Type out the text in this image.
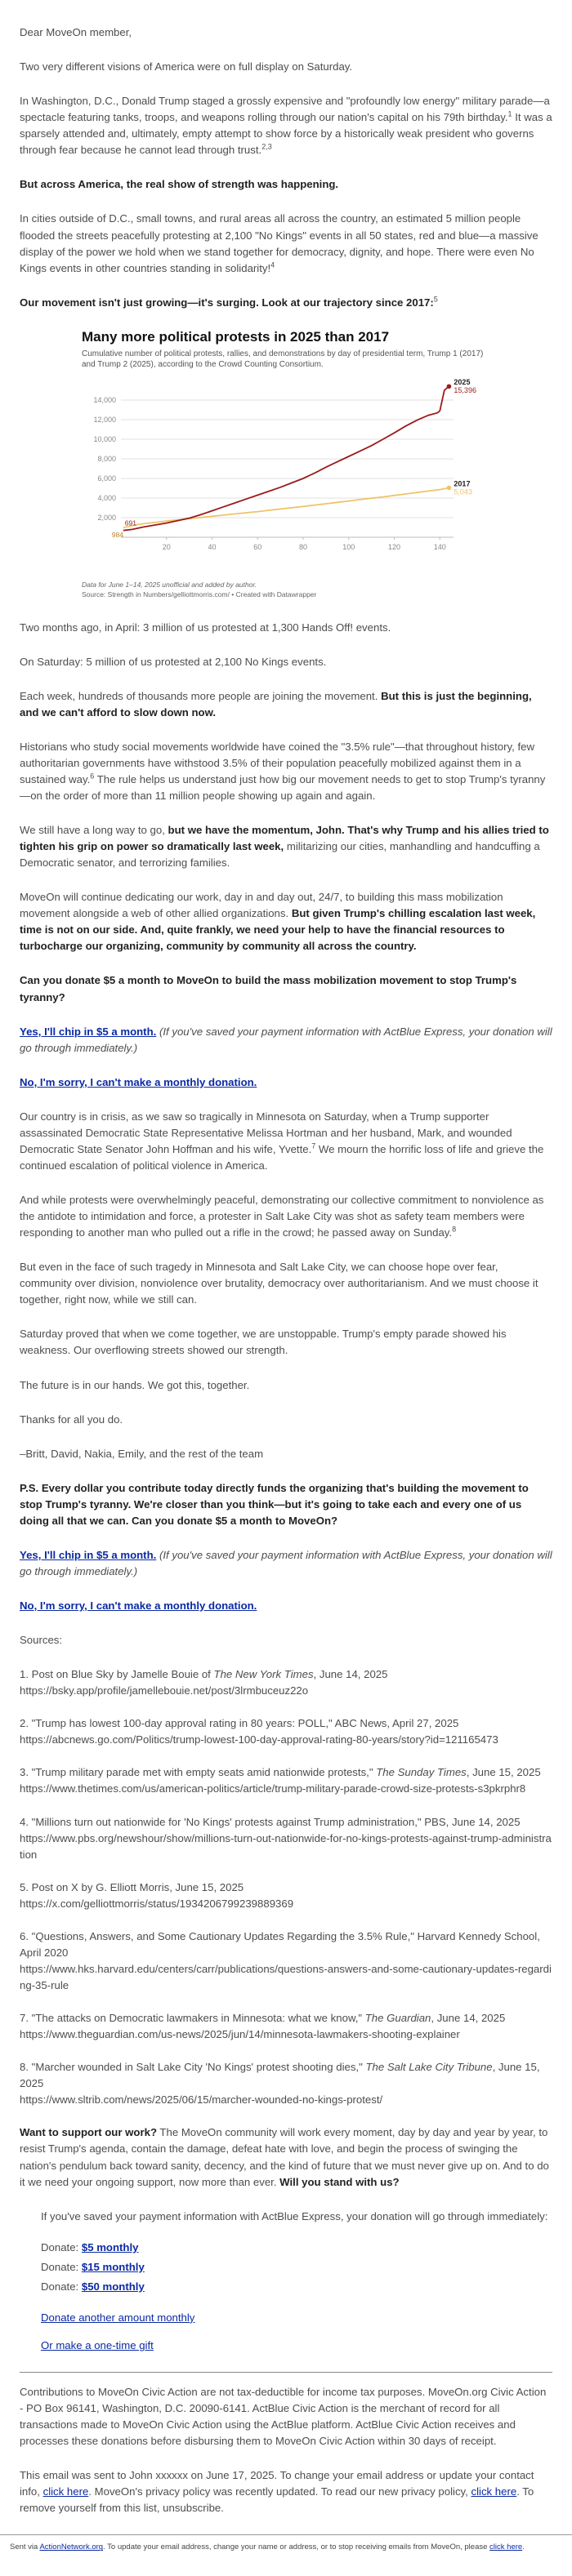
Dear MoveOn member,

Two very different visions of America were on full display on Saturday.

In Washington, D.C., Donald Trump staged a grossly expensive and "profoundly low energy" military parade—a spectacle featuring tanks, troops, and weapons rolling through our nation's capital on his 79th birthday.$^1$ It was a sparsely attended and, ultimately, empty attempt to show force by a historically weak president who governs through fear because he cannot lead through trust.$^{2,3}$

But across America, the real show of strength was happening.

In cities outside of D.C., small towns, and rural areas all across the country, an estimated 5 million people flooded the streets peacefully protesting at 2,100 "No Kings" events in all 50 states, red and blue—a massive display of the power we hold when we stand together for democracy, dignity, and hope. There were even No Kings events in other countries standing in solidarity!$^4$

Our movement isn't just growing—it's surging. Look at our trajectory since 2017:$^5$

Many more political protests in 2025 than 2017
Cumulative number of political protests, rallies, and demonstrations by day of presidential term, Trump 1 (2017) and Trump 2 (2025), according to the Crowd Counting Consortium.
2,000
4,000
6,000
8,000
10,000
12,000
14,000
20	40	60	80	100	120	140
2025
15,396
2017
5,043
691
984
Data for June 1–14, 2025 unofficial and added by author.
Source: Strength in Numbers/gelliottmorris.com/ • Created with Datawrapper

Two months ago, in April: 3 million of us protested at 1,300 Hands Off! events.

On Saturday: 5 million of us protested at 2,100 No Kings events.

Each week, hundreds of thousands more people are joining the movement. But this is just the beginning, and we can't afford to slow down now.

Historians who study social movements worldwide have coined the "3.5% rule"—that throughout history, few authoritarian governments have withstood 3.5% of their population peacefully mobilized against them in a sustained way.$^6$ The rule helps us understand just how big our movement needs to get to stop Trump's tyranny—on the order of more than 11 million people showing up again and again.

We still have a long way to go, but we have the momentum, John. That's why Trump and his allies tried to tighten his grip on power so dramatically last week, militarizing our cities, manhandling and handcuffing a Democratic senator, and terrorizing families.

MoveOn will continue dedicating our work, day in and day out, 24/7, to building this mass mobilization movement alongside a web of other allied organizations. But given Trump's chilling escalation last week, time is not on our side. And, quite frankly, we need your help to have the financial resources to turbocharge our organizing, community by community all across the country.

Can you donate $5 a month to MoveOn to build the mass mobilization movement to stop Trump's tyranny?

Yes, I'll chip in $5 a month. (If you've saved your payment information with ActBlue Express, your donation will go through immediately.)

No, I'm sorry, I can't make a monthly donation.

Our country is in crisis, as we saw so tragically in Minnesota on Saturday, when a Trump supporter assassinated Democratic State Representative Melissa Hortman and her husband, Mark, and wounded Democratic State Senator John Hoffman and his wife, Yvette.$^7$ We mourn the horrific loss of life and grieve the continued escalation of political violence in America.

And while protests were overwhelmingly peaceful, demonstrating our collective commitment to nonviolence as the antidote to intimidation and force, a protester in Salt Lake City was shot as safety team members were responding to another man who pulled out a rifle in the crowd; he passed away on Sunday.$^8$

But even in the face of such tragedy in Minnesota and Salt Lake City, we can choose hope over fear, community over division, nonviolence over brutality, democracy over authoritarianism. And we must choose it together, right now, while we still can.

Saturday proved that when we come together, we are unstoppable. Trump's empty parade showed his weakness. Our overflowing streets showed our strength.

The future is in our hands. We got this, together.

Thanks for all you do.

–Britt, David, Nakia, Emily, and the rest of the team

P.S. Every dollar you contribute today directly funds the organizing that's building the movement to stop Trump's tyranny. We're closer than you think—but it's going to take each and every one of us doing all that we can. Can you donate $5 a month to MoveOn?

Yes, I'll chip in $5 a month. (If you've saved your payment information with ActBlue Express, your donation will go through immediately.)

No, I'm sorry, I can't make a monthly donation.

Sources:

1. Post on Blue Sky by Jamelle Bouie of The New York Times, June 14, 2025
https://bsky.app/profile/jamellebouie.net/post/3lrmbuceuz22o

2. "Trump has lowest 100-day approval rating in 80 years: POLL," ABC News, April 27, 2025
https://abcnews.go.com/Politics/trump-lowest-100-day-approval-rating-80-years/story?id=121165473

3. "Trump military parade met with empty seats amid nationwide protests," The Sunday Times, June 15, 2025
https://www.thetimes.com/us/american-politics/article/trump-military-parade-crowd-size-protests-s3pkrphr8

4. "Millions turn out nationwide for 'No Kings' protests against Trump administration," PBS, June 14, 2025
https://www.pbs.org/newshour/show/millions-turn-out-nationwide-for-no-kings-protests-against-trump-administration

5. Post on X by G. Elliott Morris, June 15, 2025
https://x.com/gelliottmorris/status/1934206799239889369

6. "Questions, Answers, and Some Cautionary Updates Regarding the 3.5% Rule," Harvard Kennedy School, April 2020
https://www.hks.harvard.edu/centers/carr/publications/questions-answers-and-some-cautionary-updates-regarding-35-rule

7. "The attacks on Democratic lawmakers in Minnesota: what we know," The Guardian, June 14, 2025
https://www.theguardian.com/us-news/2025/jun/14/minnesota-lawmakers-shooting-explainer

8. "Marcher wounded in Salt Lake City 'No Kings' protest shooting dies," The Salt Lake City Tribune, June 15, 2025
https://www.sltrib.com/news/2025/06/15/marcher-wounded-no-kings-protest/

Want to support our work? The MoveOn community will work every moment, day by day and year by year, to resist Trump's agenda, contain the damage, defeat hate with love, and begin the process of swinging the nation's pendulum back toward sanity, decency, and the kind of future that we must never give up on. And to do it we need your ongoing support, now more than ever. Will you stand with us?

If you've saved your payment information with ActBlue Express, your donation will go through immediately:

Donate: $5 monthly
Donate: $15 monthly
Donate: $50 monthly

Donate another amount monthly

Or make a one-time gift

Contributions to MoveOn Civic Action are not tax-deductible for income tax purposes. MoveOn.org Civic Action - PO Box 96141, Washington, D.C. 20090-6141. ActBlue Civic Action is the merchant of record for all transactions made to MoveOn Civic Action using the ActBlue platform. ActBlue Civic Action receives and processes these donations before disbursing them to MoveOn Civic Action within 30 days of receipt.

This email was sent to John xxxxxx on June 17, 2025. To change your email address or update your contact info, click here. MoveOn's privacy policy was recently updated. To read our new privacy policy, click here. To remove yourself from this list, unsubscribe.

Sent via ActionNetwork.org. To update your email address, change your name or address, or to stop receiving emails from MoveOn, please click here.
